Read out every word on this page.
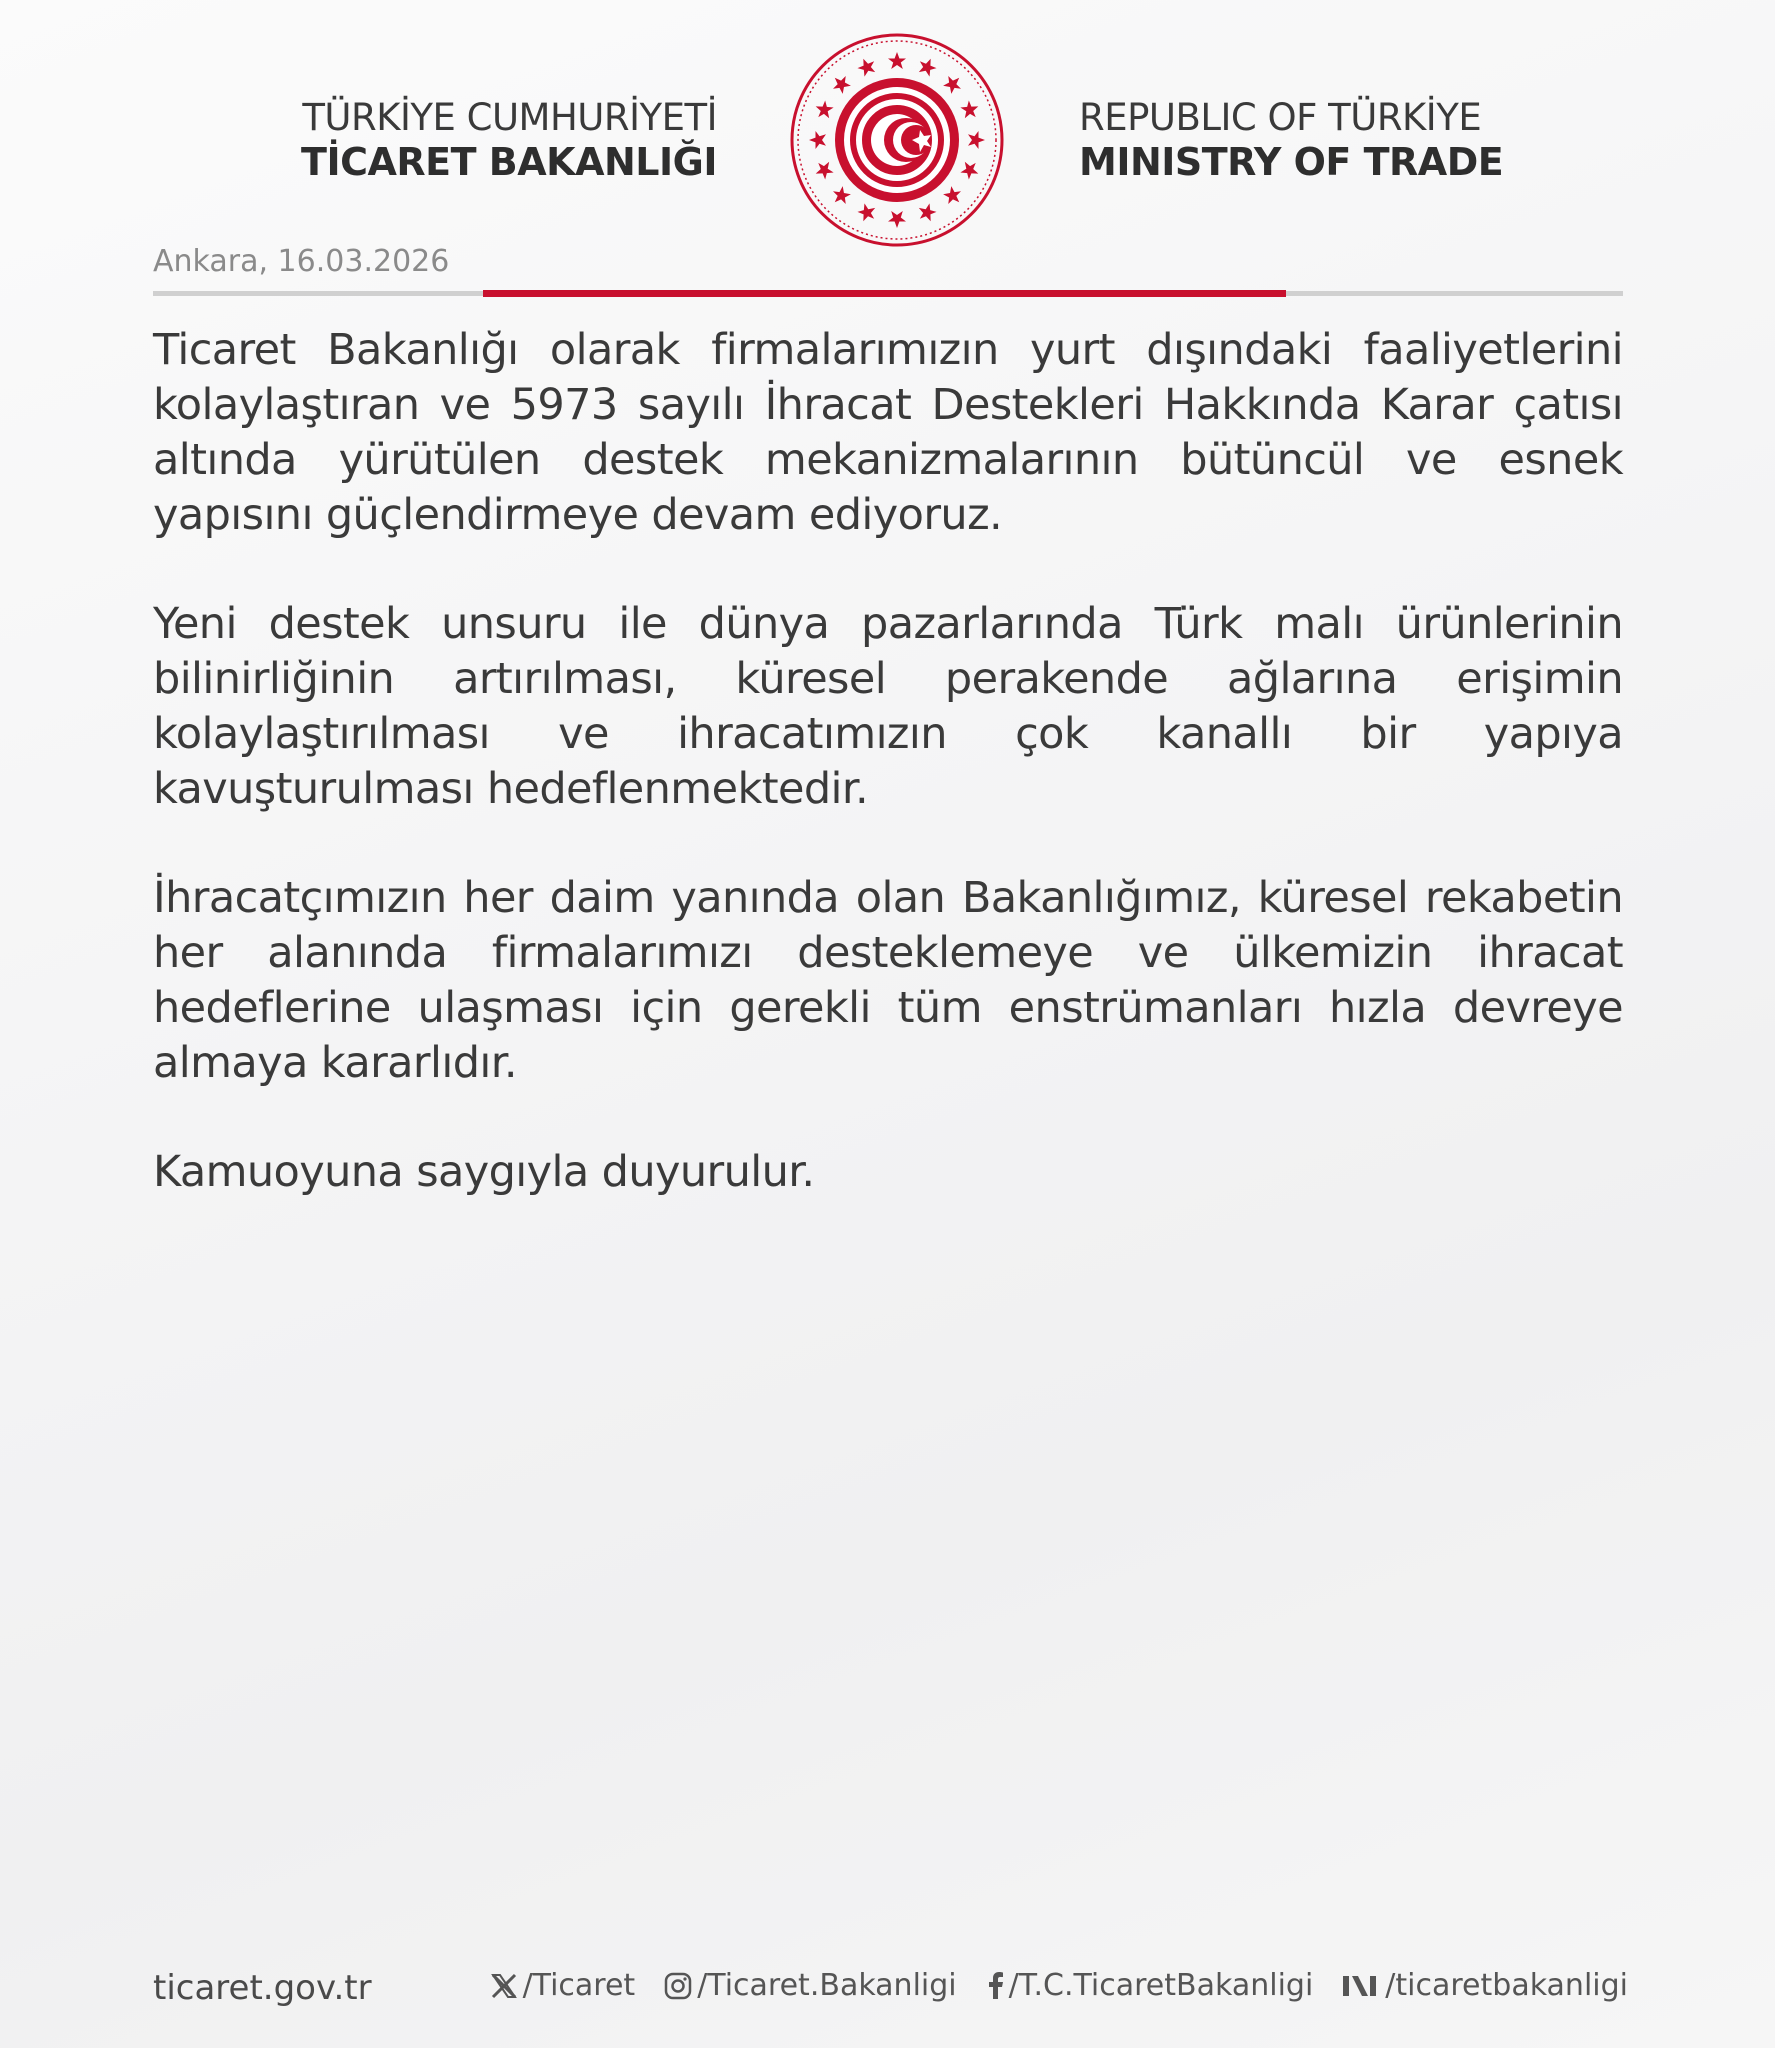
TÜRKİYE CUMHURİYETİ
TİCARET BAKANLIĞI
REPUBLIC OF TÜRKİYE
MINISTRY OF TRADE
Ankara, 16.03.2026

Ticaret Bakanlığı olarak firmalarımızın yurt dışındaki faaliyetlerini kolaylaştıran ve 5973 sayılı İhracat Destekleri Hakkında Karar çatısı altında yürütülen destek mekanizmalarının bütüncül ve esnek yapısını güçlendirmeye devam ediyoruz.

Yeni destek unsuru ile dünya pazarlarında Türk malı ürünlerinin bilinirliğinin artırılması, küresel perakende ağlarına erişimin kolaylaştırılması ve ihracatımızın çok kanallı bir yapıya kavuşturulması hedeflenmektedir.

İhracatçımızın her daim yanında olan Bakanlığımız, küresel rekabetin her alanında firmalarımızı desteklemeye ve ülkemizin ihracat hedeflerine ulaşması için gerekli tüm enstrümanları hızla devreye almaya kararlıdır.

Kamuoyuna saygıyla duyurulur.

ticaret.gov.tr	/Ticaret /Ticaret.Bakanligi /T.C.TicaretBakanligi /ticaretbakanligi
